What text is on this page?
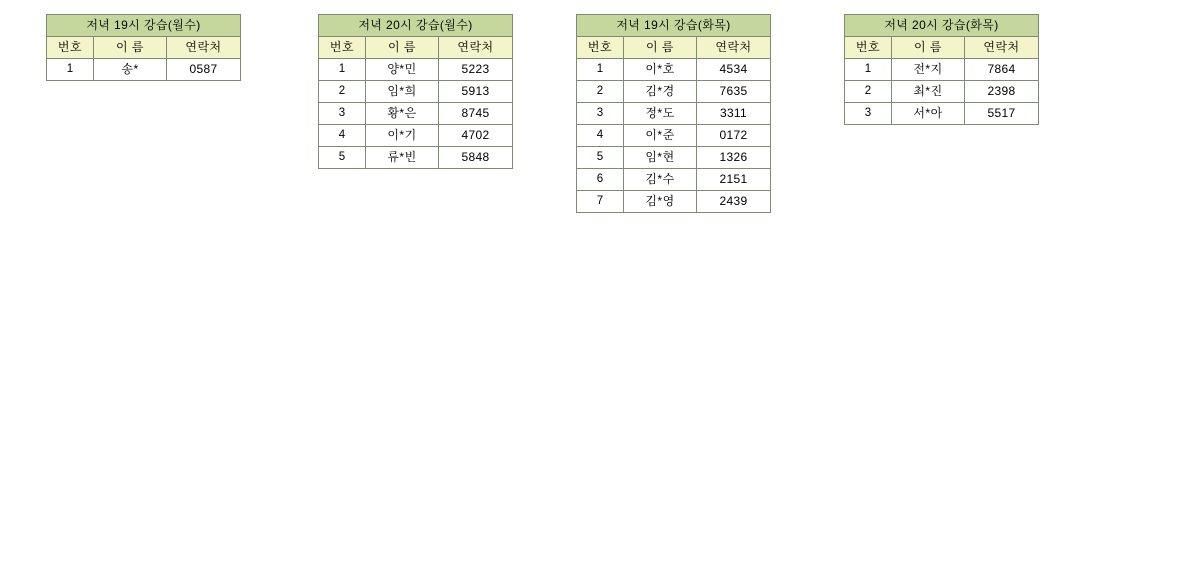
저녁 19시 강습(월수)		
번호	이 름	연락처
1	송*	0587
저녁 20시 강습(월수)		
번호	이 름	연락처
1	양*민	5223
2	임*희	5913
3	황*은	8745
4	이*기	4702
5	류*빈	5848
저녁 19시 강습(화목)		
번호	이 름	연락처
1	이*호	4534
2	김*경	7635
3	정*도	3311
4	이*준	0172
5	임*현	1326
6	김*수	2151
7	김*영	2439
저녁 20시 강습(화목)		
번호	이 름	연락처
1	전*지	7864
2	최*진	2398
3	서*아	5517
